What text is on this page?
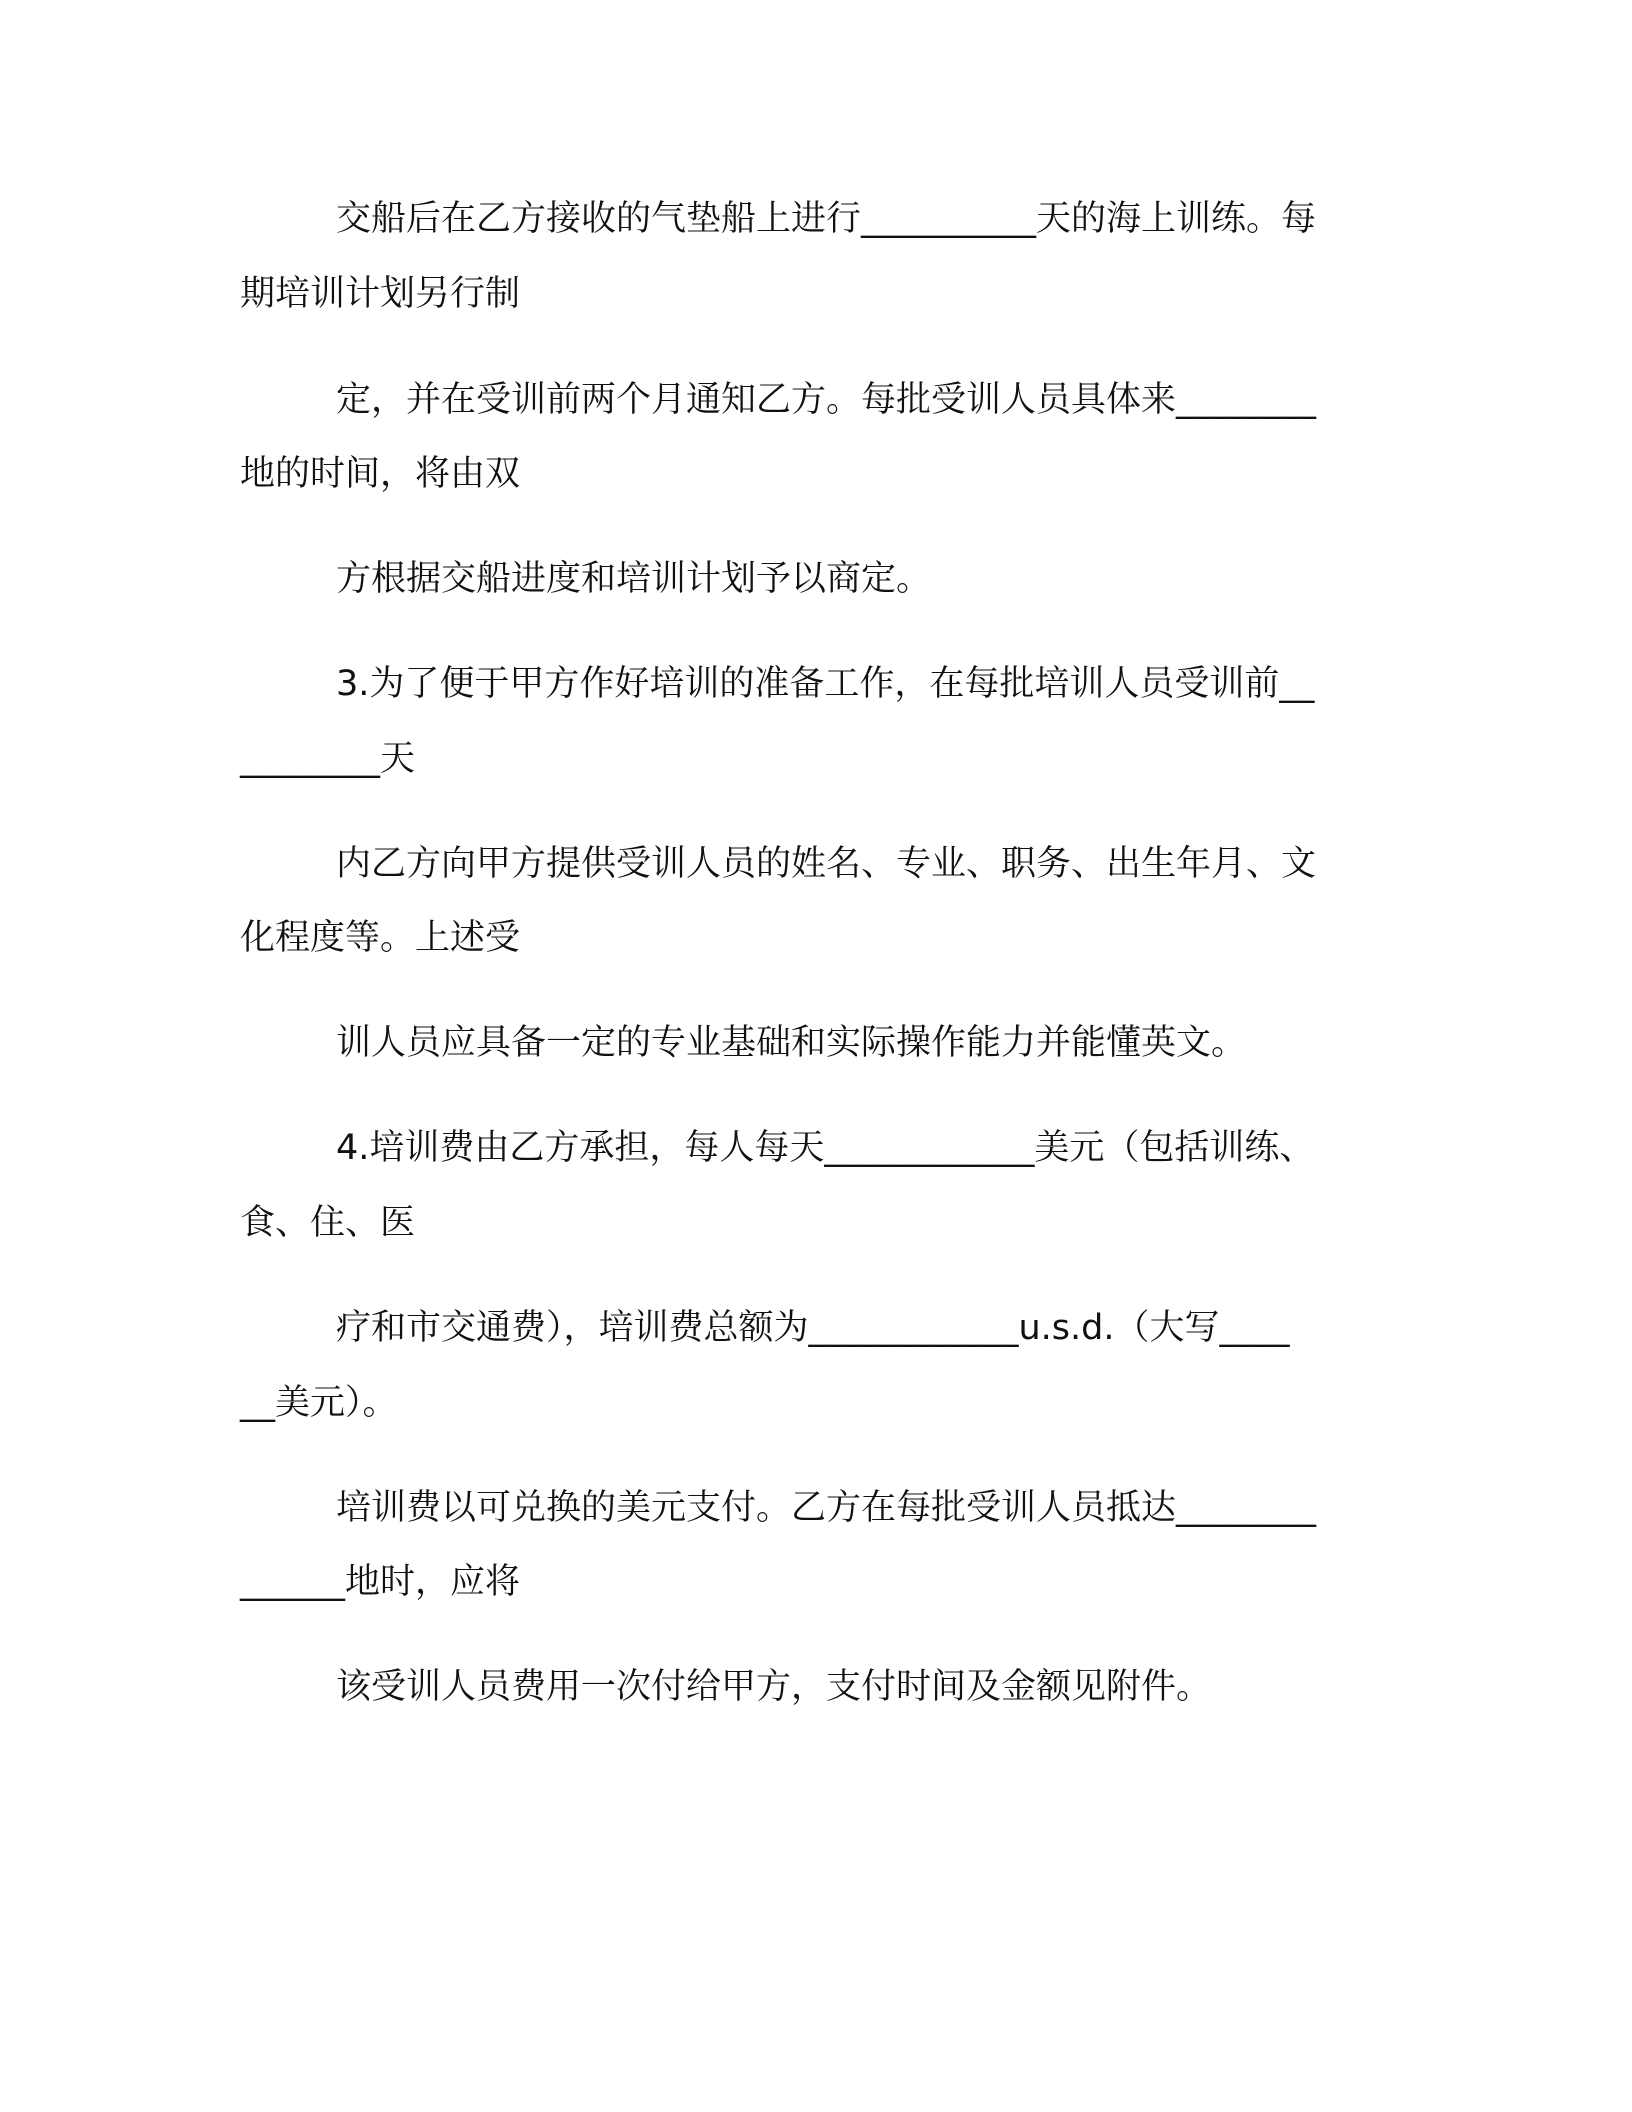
交船后在乙方接收的气垫船上进行__________天的海上训练。每
期培训计划另行制
定，并在受训前两个月通知乙方。每批受训人员具体来________
地的时间，将由双
方根据交船进度和培训计划予以商定。
3.为了便于甲方作好培训的准备工作，在每批培训人员受训前__
________天
内乙方向甲方提供受训人员的姓名、专业、职务、出生年月、文
化程度等。上述受
训人员应具备一定的专业基础和实际操作能力并能懂英文。
4.培训费由乙方承担，每人每天____________美元（包括训练、
食、住、医
疗和市交通费），培训费总额为____________u.s.d.（大写____
__美元）。
培训费以可兑换的美元支付。乙方在每批受训人员抵达________
______地时，应将
该受训人员费用一次付给甲方，支付时间及金额见附件。
